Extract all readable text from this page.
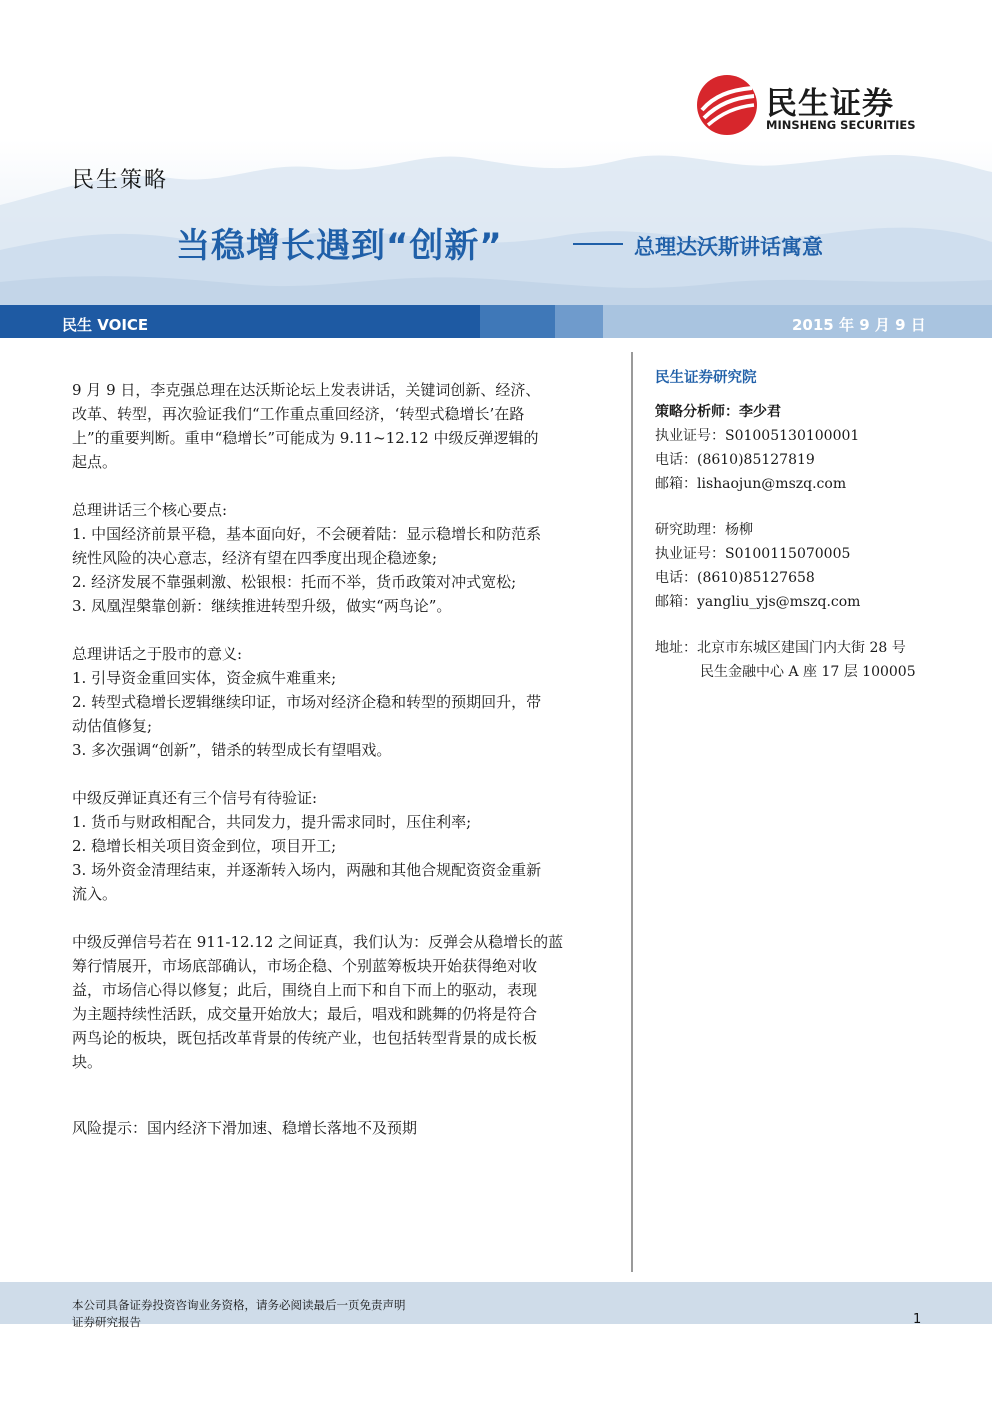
民生证券
MINSHENG SECURITIES
民生策略
当稳增长遇到“创新”	总理达沃斯讲话寓意
民生 VOICE	2015 年 9 月 9 日

9 月 9 日，李克强总理在达沃斯论坛上发表讲话，关键词创新、经济、

改革、转型，再次验证我们“工作重点重回经济，‘转型式稳增长’在路

上”的重要判断。重申“稳增长”可能成为 9.11~12.12 中级反弹逻辑的

起点。

总理讲话三个核心要点:

1. 中国经济前景平稳，基本面向好，不会硬着陆：显示稳增长和防范系

统性风险的决心意志，经济有望在四季度出现企稳迹象;

2. 经济发展不靠强刺激、松银根：托而不举，货币政策对冲式宽松;

3. 凤凰涅槃靠创新：继续推进转型升级，做实“两鸟论”。

总理讲话之于股市的意义:

1. 引导资金重回实体，资金疯牛难重来;

2. 转型式稳增长逻辑继续印证，市场对经济企稳和转型的预期回升，带

动估值修复;

3. 多次强调“创新”，错杀的转型成长有望唱戏。

中级反弹证真还有三个信号有待验证:

1. 货币与财政相配合，共同发力，提升需求同时，压住利率;

2. 稳增长相关项目资金到位，项目开工;

3. 场外资金清理结束，并逐渐转入场内，两融和其他合规配资资金重新

流入。

中级反弹信号若在 911-12.12 之间证真，我们认为：反弹会从稳增长的蓝

筹行情展开，市场底部确认，市场企稳、个别蓝筹板块开始获得绝对收

益，市场信心得以修复；此后，围绕自上而下和自下而上的驱动，表现

为主题持续性活跃，成交量开始放大；最后，唱戏和跳舞的仍将是符合

两鸟论的板块，既包括改革背景的传统产业，也包括转型背景的成长板

块。

风险提示：国内经济下滑加速、稳增长落地不及预期

民生证券研究院
策略分析师：李少君
执业证号：S0100513010000​1
电话：(8610)85127819
邮箱：lishaojun@mszq.com
研究助理：杨柳
执业证号：S0100115070005
电话：(8610)85127658
邮箱：yangliu_yjs@mszq.com
地址：北京市东城区建国门内大街 28 号
民生金融中心 A 座 17 层 100005
本公司具备证券投资咨询业务资格，请务必阅读最后一页免责声明
证券研究报告	1
